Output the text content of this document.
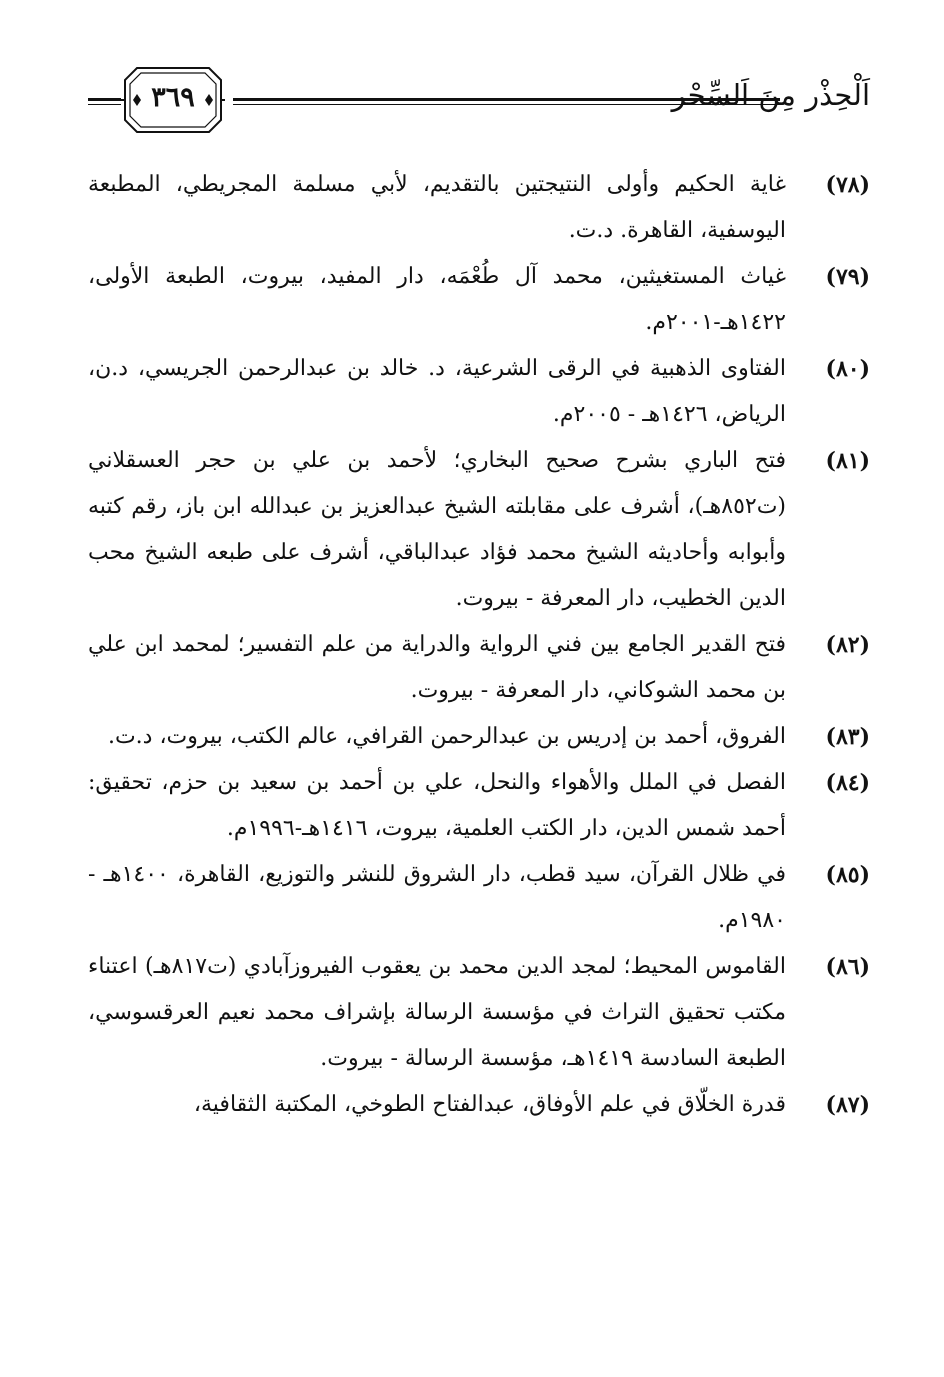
اَلْحِذْر مِنَ اَلسِّحْر
٣٦٩
(٧٨)
غاية الحكيم وأولى النتيجتين بالتقديم، لأبي مسلمة المجريطي، المطبعة اليوسفية، القاهرة. د.ت.
(٧٩)
غياث المستغيثين، محمد آل طُعْمَه، دار المفيد، بيروت، الطبعة الأولى، ١٤٢٢هـ-٢٠٠١م.
(٨٠)
الفتاوى الذهبية في الرقى الشرعية، د. خالد بن عبدالرحمن الجريسي، د.ن، الرياض، ١٤٢٦هـ - ٢٠٠٥م.
(٨١)
فتح الباري بشرح صحيح البخاري؛ لأحمد بن علي بن حجر العسقلاني (ت٨٥٢هـ)، أشرف على مقابلته الشيخ عبدالعزيز بن عبدالله ابن باز، رقم كتبه وأبوابه وأحاديثه الشيخ محمد فؤاد عبدالباقي، أشرف على طبعه الشيخ محب الدين الخطيب، دار المعرفة - بيروت.
(٨٢)
فتح القدير الجامع بين فني الرواية والدراية من علم التفسير؛ لمحمد ابن علي بن محمد الشوكاني، دار المعرفة - بيروت.
(٨٣)
الفروق، أحمد بن إدريس بن عبدالرحمن القرافي، عالم الكتب، بيروت، د.ت.
(٨٤)
الفصل في الملل والأهواء والنحل، علي بن أحمد بن سعيد بن حزم، تحقيق: أحمد شمس الدين، دار الكتب العلمية، بيروت، ١٤١٦هـ-١٩٩٦م.
(٨٥)
في ظلال القرآن، سيد قطب، دار الشروق للنشر والتوزيع، القاهرة، ١٤٠٠هـ - ١٩٨٠م.
(٨٦)
القاموس المحيط؛ لمجد الدين محمد بن يعقوب الفيروزآبادي (ت٨١٧هـ) اعتناء مكتب تحقيق التراث في مؤسسة الرسالة بإشراف محمد نعيم العرقسوسي، الطبعة السادسة ١٤١٩هـ، مؤسسة الرسالة - بيروت.
(٨٧)
قدرة الخلّاق في علم الأوفاق، عبدالفتاح الطوخي، المكتبة الثقافية،
